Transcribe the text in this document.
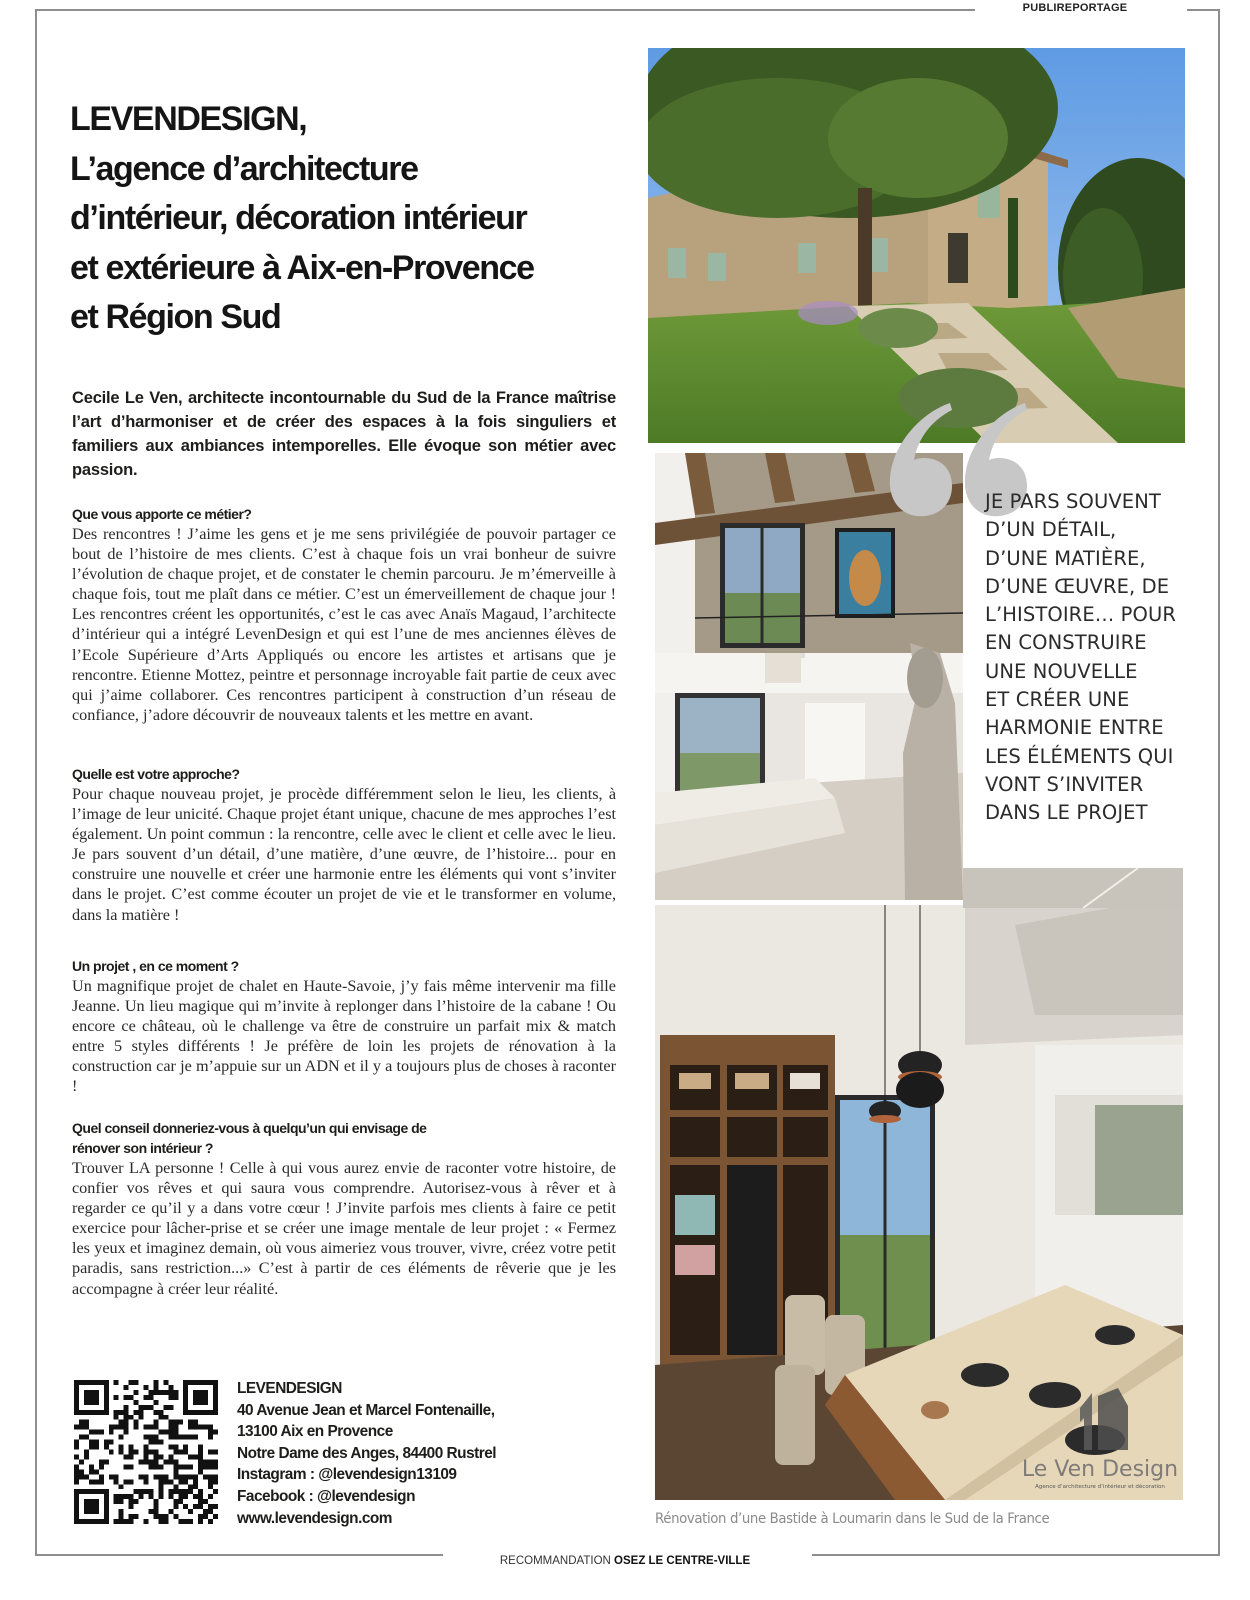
PUBLIREPORTAGE
LEVENDESIGN,
L’agence d’architecture
d’intérieur, décoration intérieur
et extérieure à Aix-en-Provence
et Région Sud

Cecile Le Ven, architecte incontournable du Sud de la France maîtrise l’art d’harmoniser et de créer des espaces à la fois singuliers et familiers aux ambiances intemporelles. Elle évoque son métier avec passion.

Que vous apporte ce métier?

Des rencontres ! J’aime les gens et je me sens privilégiée de pouvoir partager ce bout de l’histoire de mes clients. C’est à chaque fois un vrai bonheur de suivre l’évolution de chaque projet, et de constater le chemin parcouru. Je m’émerveille à chaque fois, tout me plaît dans ce métier. C’est un émerveillement de chaque jour ! Les rencontres créent les opportunités, c’est le cas avec Anaïs Magaud, l’architecte d’intérieur qui a intégré LevenDesign et qui est l’une de mes anciennes élèves de l’Ecole Supérieure d’Arts Appliqués ou encore les artistes et artisans que je rencontre. Etienne Mottez, peintre et personnage incroyable fait partie de ceux avec qui j’aime collaborer. Ces rencontres participent à construction d’un réseau de confiance, j’adore découvrir de nouveaux talents et les mettre en avant.

Quelle est votre approche?

Pour chaque nouveau projet, je procède différemment selon le lieu, les clients, à l’image de leur unicité. Chaque projet étant unique, chacune de mes approches l’est également. Un point commun : la rencontre, celle avec le client et celle avec le lieu. Je pars souvent d’un détail, d’une matière, d’une œuvre, de l’histoire... pour en construire une nouvelle et créer une harmonie entre les éléments qui vont s’inviter dans le projet. C’est comme écouter un projet de vie et le transformer en volume, dans la matière !

Un projet , en ce moment ?

Un magnifique projet de chalet en Haute-Savoie, j’y fais même intervenir ma fille Jeanne. Un lieu magique qui m’invite à replonger dans l’histoire de la cabane ! Ou encore ce château, où le challenge va être de construire un parfait mix & match entre 5 styles différents ! Je préfère de loin les projets de rénovation à la construction car je m’appuie sur un ADN et il y a toujours plus de choses à raconter !

Quel conseil donneriez-vous à quelqu’un qui envisage de rénover son intérieur ?

Trouver LA personne ! Celle à qui vous aurez envie de raconter votre histoire, de confier vos rêves et qui saura vous comprendre. Autorisez-vous à rêver et à regarder ce qu’il y a dans votre cœur ! J’invite parfois mes clients à faire ce petit exercice pour lâcher-prise et se créer une image mentale de leur projet : « Fermez les yeux et imaginez demain, où vous aimeriez vous trouver, vivre, créez votre petit paradis, sans restriction...» C’est à partir de ces éléments de rêverie que je les accompagne à créer leur réalité.

LEVENDESIGN
40 Avenue Jean et Marcel Fontenaille,
13100 Aix en Provence
Notre Dame des Anges, 84400 Rustrel
Instagram : @levendesign13109
Facebook : @levendesign
www.levendesign.com
Le Ven Design
Agence d’architecture d’intérieur et décoration
JE PARS SOUVENT
D’UN DÉTAIL,
D’UNE MATIÈRE,
D’UNE ŒUVRE, DE
L’HISTOIRE… POUR
EN CONSTRUIRE
UNE NOUVELLE
ET CRÉER UNE
HARMONIE ENTRE
LES ÉLÉMENTS QUI
VONT S’INVITER
DANS LE PROJET
Rénovation d’une Bastide à Loumarin dans le Sud de la France
RECOMMANDATION OSEZ LE CENTRE-VILLE
